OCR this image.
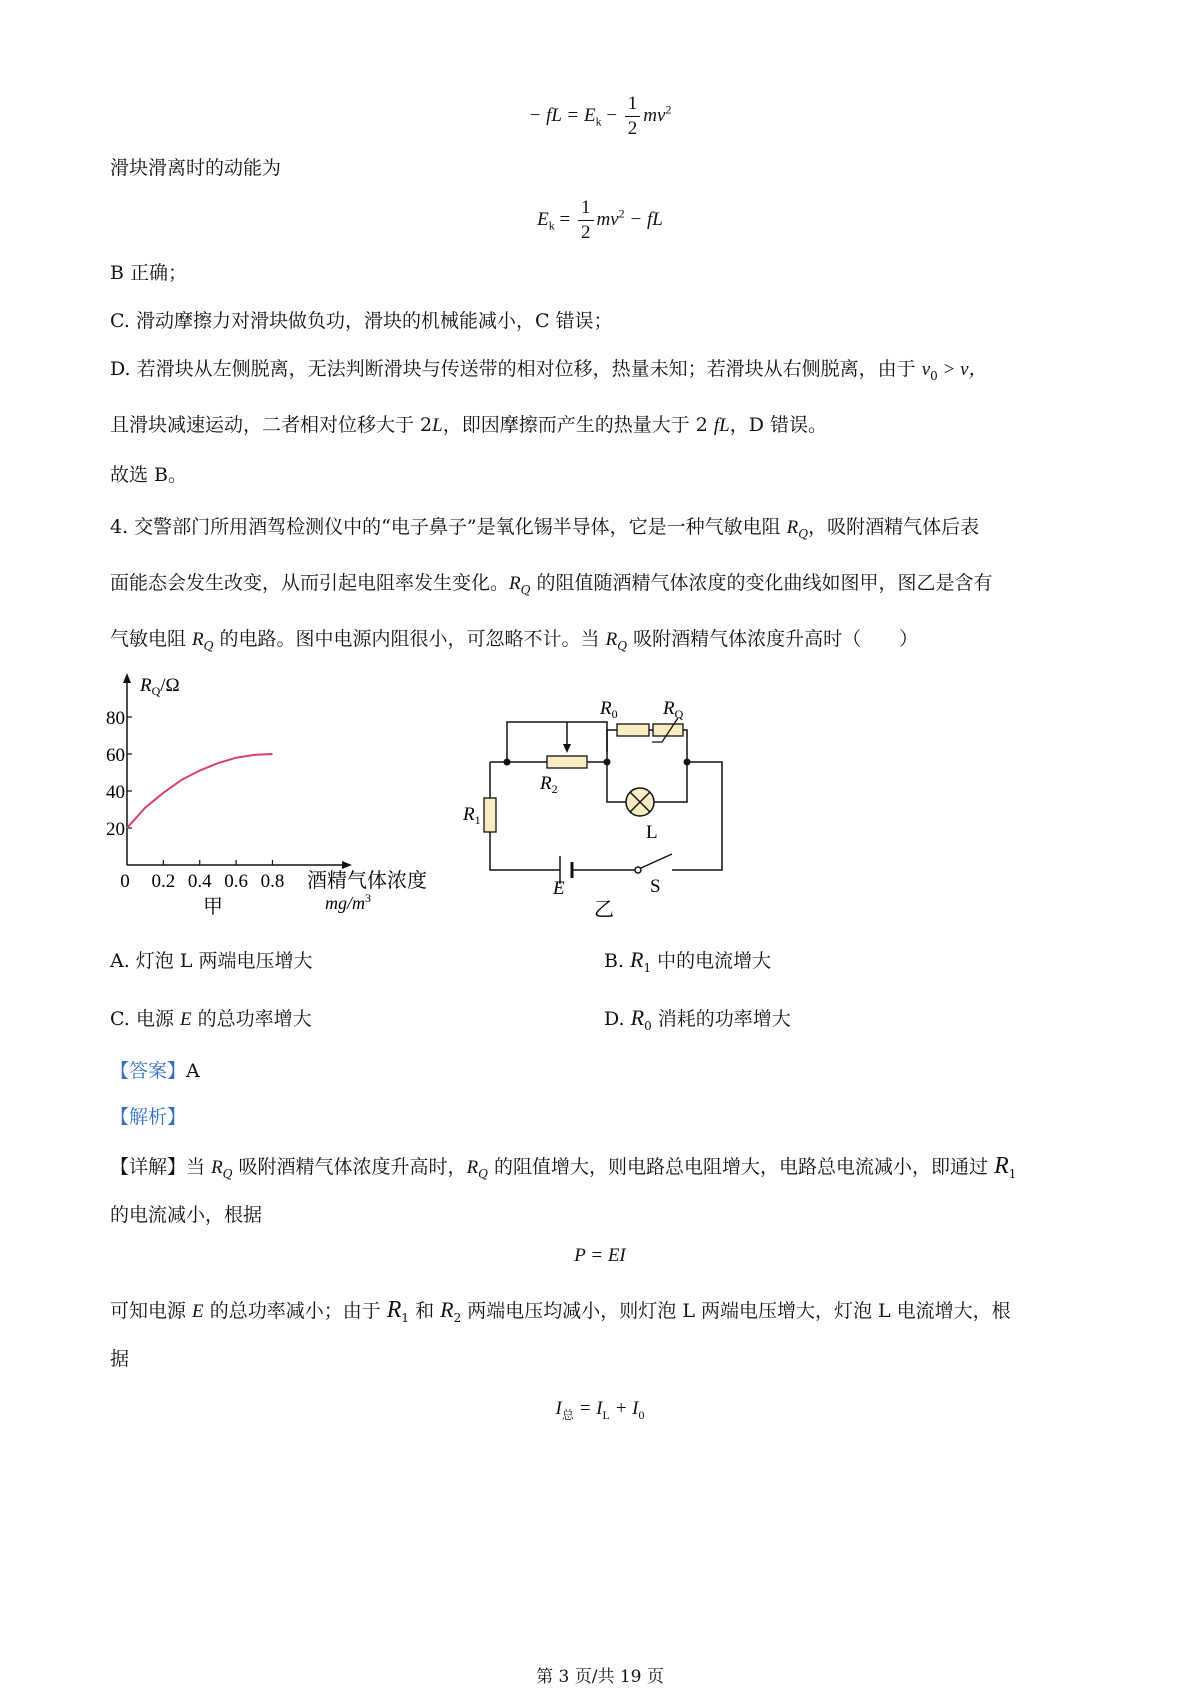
− fL = $E_k - \frac{1}{2} mv^2$
滑块滑离时的动能为
$E_k = \frac{1}{2} mv^2$ − fL
B 正确；
C. 滑动摩擦力对滑块做负功，滑块的机械能减小，C 错误；
D. 若滑块从左侧脱离，无法判断滑块与传送带的相对位移，热量未知；若滑块从右侧脱离，由于 $v_0 > v$，
且滑块减速运动，二者相对位移大于 2L，即因摩擦而产生的热量大于 2 fL，D 错误。
故选 B。
4. 交警部门所用酒驾检测仪中的“电子鼻子”是氧化锡半导体，它是一种气敏电阻 $R_Q$，吸附酒精气体后表
面能态会发生改变，从而引起电阻率发生变化。$R_Q$ 的阻值随酒精气体浓度的变化曲线如图甲，图乙是含有
气敏电阻 $R_Q$ 的电路。图中电源内阻很小，可忽略不计。当 $R_Q$ 吸附酒精气体浓度升高时（　　）
20
40
60
80
0 0.2 0.4 0.6 0.8
$R_Q/\Omega$
酒精气体浓度
$mg/m^3$
甲
$R_0$ $R_Q$
$R_2$
$R_1$
L
E	S
乙
A. 灯泡 L 两端电压增大	B. $R_1$ 中的电流增大
C. 电源 E 的总功率增大	D. $R_0$ 消耗的功率增大
【答案】A
【解析】
【详解】当 $R_Q$ 吸附酒精气体浓度升高时，$R_Q$ 的阻值增大，则电路总电阻增大，电路总电流减小，即通过 $R_1$
的电流减小，根据
P = EI
可知电源 E 的总功率减小；由于 $R_1$ 和 $R_2$ 两端电压均减小，则灯泡 L 两端电压增大，灯泡 L 电流增大，根
据
$I_总 = I_L + I_0$
第 3 页/共 19 页
